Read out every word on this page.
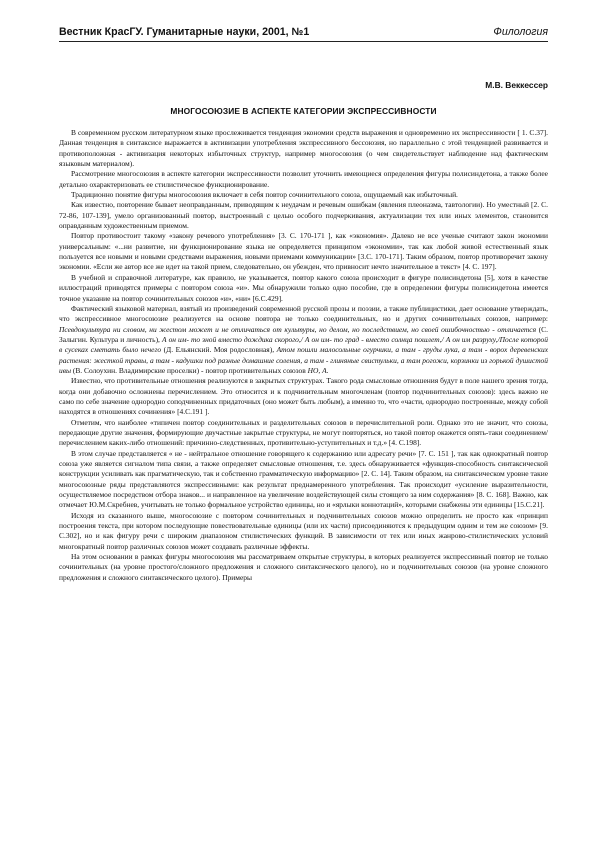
Вестник КрасГУ. Гуманитарные науки, 2001, №1	Филология
М.В. Веккессер
МНОГОСОЮЗИЕ В АСПЕКТЕ КАТЕГОРИИ ЭКСПРЕССИВНОСТИ

В современном русском литературном языке прослеживается тенденция экономии средств выражения и одновременно их экспрессивности [ 1. С.37]. Данная тенденция в синтаксисе выражается в активизации употребления экспрессивного бессоюзия, но параллельно с этой тенденцией развивается и противоположная - активизация некоторых избыточных структур, например многосоюзия (о чем свидетельствует наблюдение над фактическим языковым материалом).

Рассмотрение многосоюзия в аспекте категории экспрессивности позволит уточнить имеющиеся определения фигуры полисиндетона, а также более детально охарактеризовать ее стилистическое функционирование.

Традиционно понятие фигуры многосоюзия включает в себя повтор сочинительного союза, ощущаемый как избыточный.

Как известно, повторение бывает неоправданным, приводящим к неудачам и речевым ошибкам (явления плеоназма, тавтологии). Но уместный [2. С. 72-86, 107-139], умело организованный повтор, выстроенный с целью особого подчеркивания, актуализации тех или иных элементов, становится оправданным художественным приемом.

Повтор противостоит такому «закону речевого употребления» [3. С. 170-171 ], как «экономия». Далеко не все ученые считают закон экономии универсальным: «...ни развитие, ни функционирование языка не определяется принципом «экономии», так как любой живой естественный язык пользуется все новыми и новыми средствами выражения, новыми приемами коммуникации» [3.С. 170-171]. Таким образом, повтор противоречит закону экономии. «Если же автор все же идет на такой прием, следовательно, он убежден, что привносит нечто значительное в текст» [4. С. 197].

В учебной и справочной литературе, как правило, не указывается, повтор какого союза происходит в фигуре полисиндетона [5], хотя в качестве иллюстраций приводятся примеры с повтором союза «и». Мы обнаружили только одно пособие, где в определении фигуры полисиндетона имеется точное указание на повтор сочинительных союзов «и», «ни» [6.С.429].

Фактический языковой материал, взятый из произведений современной русской прозы и поэзии, а также публицистики, дает основание утверждать, что экспрессивное многосоюзие реализуется на основе повтора не только соединительных, но и других сочинительных союзов, например: Псевдокультура ни словом, ни жестом может и не отличаться от культуры, но делом, но последствием, но своей ошибочностью - отличается (С. Залыгин. Культура и личность), А он им- то зной вместо дождика скорого,/ А он им- то град - вместо солнца пошлет,/ А он им разруху,/После которой в сусеках сметать было нечего (Д. Ельянский. Моя родословная), Атом пошли малосольные огурчики, а там - груды лука, а там - ворох деревенских растения: жесткой травы, а там - кадушки под разные домашние соления, а там - глиняные свистульки, а там рогожи, корзинки из горькой душистой ивы (В. Солоухин. Владимирские проселки) - повтор противительных союзов НО, А.

Известно, что противительные отношения реализуются в закрытых структурах. Такого рода смысловые отношения будут в поле нашего зрения тогда, когда они добавочно осложнены перечислением. Это относится и к подчинительным многочленам (повтор подчинительных союзов): здесь важно не само по себе значение однородно соподчиненных придаточных (оно может быть любым), а именно то, что «части, однородно построенные, между собой находятся в отношениях сочинения» [4.С.191 ].

Отметим, что наиболее «типичен повтор соединительных и разделительных союзов в перечислительной роли. Однако это не значит, что союзы, передающие другие значения, формирующие двучастные закрытые структуры, не могут повторяться, но такой повтор окажется опять-таки соединением/перечислением каких-либо отношений: причинно-следственных, противительно-уступительных и т.д.» [4. С.198].

В этом случае представляется « не - нейтральное отношение говорящего к содержанию или адресату речи» [7. С. 151 ], так как однократный повтор союза уже является сигналом типа связи, а также определяет смысловые отношения, т.е. здесь обнаруживается «функция-способность синтаксической конструкции усиливать как прагматическую, так и собственно грамматическую информацию» [2. С. 14]. Таким образом, на синтаксическом уровне такие многосоюзные ряды представляются экспрессивными: как результат преднамеренного употребления. Так происходит «усиление выразительности, осуществляемое посредством отбора знаков... и направленное на увеличение воздействующей силы стоящего за ним содержания» [8. С. 168]. Важно, как отмечает Ю.М.Скребнев, учитывать не только формальное устройство единицы, но и «ярлыки коннотаций», которыми снабжены эти единицы [15.С.21].

Исходя из сказанного выше, многосоюзие с повтором сочинительных и подчинительных союзов можно определить не просто как «принцип построения текста, при котором последующие повествовательные единицы (или их части) присоединяются к предыдущим одним и тем же союзом» [9. С.302], но и как фигуру речи с широким диапазоном стилистических функций. В зависимости от тех или иных жанрово-стилистических условий многократный повтор различных союзов может создавать различные эффекты.

На этом основании в рамках фигуры многосоюзия мы рассматриваем открытые структуры, в которых реализуется экспрессивный повтор не только сочинительных (на уровне простого/сложного предложения и сложного синтаксического целого), но и подчинительных союзов (на уровне сложного предложения и сложного синтаксического целого). Примеры
